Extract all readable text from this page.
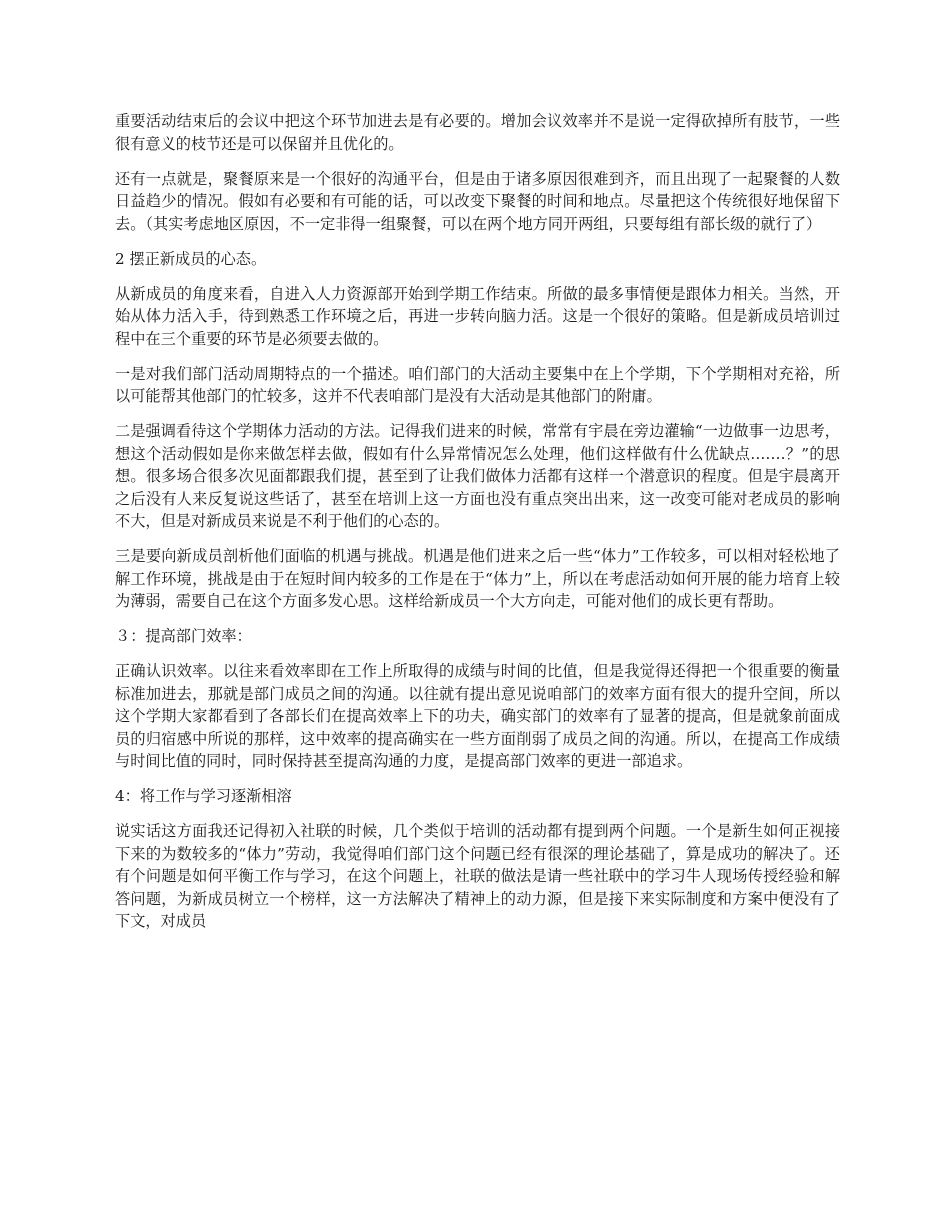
重要活动结束后的会议中把这个环节加进去是有必要的。增加会议效率并不是说一定得砍掉所有肢节，一些很有意义的枝节还是可以保留并且优化的。

还有一点就是，聚餐原来是一个很好的沟通平台，但是由于诸多原因很难到齐，而且出现了一起聚餐的人数日益趋少的情况。假如有必要和有可能的话，可以改变下聚餐的时间和地点。尽量把这个传统很好地保留下去。（其实考虑地区原因，不一定非得一组聚餐，可以在两个地方同开两组，只要每组有部长级的就行了）

2 摆正新成员的心态。

从新成员的角度来看，自进入人力资源部开始到学期工作结束。所做的最多事情便是跟体力相关。当然，开始从体力活入手，待到熟悉工作环境之后，再进一步转向脑力活。这是一个很好的策略。但是新成员培训过程中在三个重要的环节是必须要去做的。

一是对我们部门活动周期特点的一个描述。咱们部门的大活动主要集中在上个学期，下个学期相对充裕，所以可能帮其他部门的忙较多，这并不代表咱部门是没有大活动是其他部门的附庸。

二是强调看待这个学期体力活动的方法。记得我们进来的时候，常常有宇晨在旁边灌输“一边做事一边思考，想这个活动假如是你来做怎样去做，假如有什么异常情况怎么处理，他们这样做有什么优缺点…….？”的思想。很多场合很多次见面都跟我们提，甚至到了让我们做体力活都有这样一个潜意识的程度。但是宇晨离开之后没有人来反复说这些话了，甚至在培训上这一方面也没有重点突出出来，这一改变可能对老成员的影响不大，但是对新成员来说是不利于他们的心态的。

三是要向新成员剖析他们面临的机遇与挑战。机遇是他们进来之后一些“体力”工作较多，可以相对轻松地了解工作环境，挑战是由于在短时间内较多的工作是在于“体力”上，所以在考虑活动如何开展的能力培育上较为薄弱，需要自己在这个方面多发心思。这样给新成员一个大方向走，可能对他们的成长更有帮助。

３：提高部门效率：

正确认识效率。以往来看效率即在工作上所取得的成绩与时间的比值，但是我觉得还得把一个很重要的衡量标准加进去，那就是部门成员之间的沟通。以往就有提出意见说咱部门的效率方面有很大的提升空间，所以这个学期大家都看到了各部长们在提高效率上下的功夫，确实部门的效率有了显著的提高，但是就象前面成员的归宿感中所说的那样，这中效率的提高确实在一些方面削弱了成员之间的沟通。所以，在提高工作成绩与时间比值的同时，同时保持甚至提高沟通的力度，是提高部门效率的更进一部追求。

4：将工作与学习逐渐相溶

说实话这方面我还记得初入社联的时候，几个类似于培训的活动都有提到两个问题。一个是新生如何正视接下来的为数较多的“体力”劳动，我觉得咱们部门这个问题已经有很深的理论基础了，算是成功的解决了。还有个问题是如何平衡工作与学习，在这个问题上，社联的做法是请一些社联中的学习牛人现场传授经验和解答问题，为新成员树立一个榜样，这一方法解决了精神上的动力源，但是接下来实际制度和方案中便没有了下文，对成员
